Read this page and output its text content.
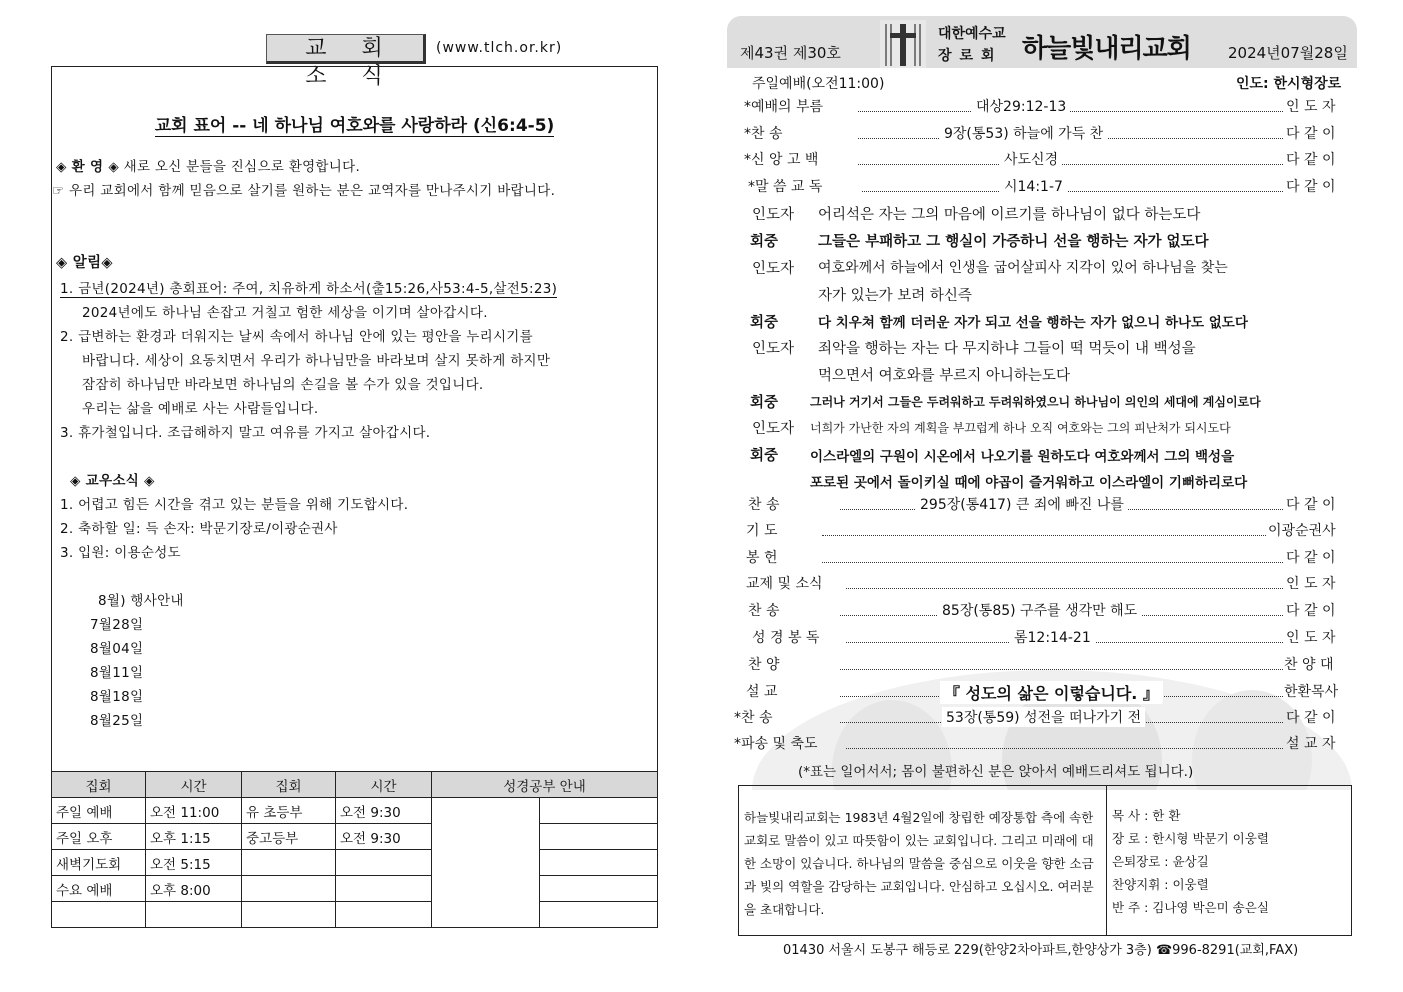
교 회 소 식
(www.tlch.or.kr)
교회 표어 -- 네 하나님 여호와를 사랑하라 (신6:4-5)
◈ 환 영 ◈ 새로 오신 분들을 진심으로 환영합니다.
☞ 우리 교회에서 함께 믿음으로 살기를 원하는 분은 교역자를 만나주시기 바랍니다.
◈ 알림◈
1. 금년(2024년) 총회표어: 주여, 치유하게 하소서(출15:26,사53:4-5,살전5:23)
2024년에도 하나님 손잡고 거칠고 험한 세상을 이기며 살아갑시다.
2. 급변하는 환경과 더워지는 날씨 속에서 하나님 안에 있는 평안을 누리시기를
바랍니다. 세상이 요동치면서 우리가 하나님만을 바라보며 살지 못하게 하지만
잠잠히 하나님만 바라보면 하나님의 손길을 볼 수가 있을 것입니다.
우리는 삶을 예배로 사는 사람들입니다.
3. 휴가철입니다. 조급해하지 말고 여유를 가지고 살아갑시다.
◈ 교우소식 ◈
1. 어렵고 힘든 시간을 겪고 있는 분들을 위해 기도합시다.
2. 축하할 일: 득 손자: 박문기장로/이광순권사
3. 입원: 이용순성도
8월) 행사안내
7월28일
8월04일
8월11일
8월18일
8월25일
집회	시간	집회	시간	성경공부 안내	
주일 예배	오전 11:00	유 초등부	오전 9:30		
주일 오후	오후 1:15	중고등부	오전 9:30		
새벽기도회	오전 5:15				
수요 예배	오후 8:00				

제43권 제30호
대한예수교
장로회 하늘빛내리교회 2024년07월28일
주일예배(오전11:00)	인도: 한시형장로
*예배의 부름	대상29:12-13	인 도 자
*찬 송	9장(통53) 하늘에 가득 찬	다 같 이
*신 앙 고 백	사도신경	다 같 이
*말 씀 교 독	시14:1-7	다 같 이
인도자 어리석은 자는 그의 마음에 이르기를 하나님이 없다 하는도다
회중	그들은 부패하고 그 행실이 가증하니 선을 행하는 자가 없도다
인도자 여호와께서 하늘에서 인생을 굽어살피사 지각이 있어 하나님을 찾는
자가 있는가 보려 하신즉
회중	다 치우쳐 함께 더러운 자가 되고 선을 행하는 자가 없으니 하나도 없도다
인도자 죄악을 행하는 자는 다 무지하냐 그들이 떡 먹듯이 내 백성을
먹으면서 여호와를 부르지 아니하는도다
회중	그러나 거기서 그들은 두려워하고 두려워하였으니 하나님이 의인의 세대에 계심이로다
인도자 너희가 가난한 자의 계획을 부끄럽게 하나 오직 여호와는 그의 피난처가 되시도다
회중 이스라엘의 구원이 시온에서 나오기를 원하도다 여호와께서 그의 백성을
포로된 곳에서 돌이키실 때에 야곱이 즐거워하고 이스라엘이 기뻐하리로다
찬 송	295장(통417) 큰 죄에 빠진 나를	다 같 이
기 도	이광순권사
봉 헌	다 같 이
교제 및 소식	인 도 자
찬 송	85장(통85) 구주를 생각만 해도	다 같 이
성 경 봉 독	롬12:14-21	인 도 자
찬 양	찬 양 대
설 교	『 성도의 삶은 이렇습니다. 』	한환목사
*찬 송	53장(통59) 성전을 떠나가기 전	다 같 이
*파송 및 축도	설 교 자
(*표는 일어서서; 몸이 불편하신 분은 앉아서 예배드리셔도 됩니다.)
하늘빛내리교회는 1983년 4월2일에 창립한 예장통합 측에 속한 교회로 말씀이 있고 따뜻함이 있는 교회입니다. 그리고 미래에 대한 소망이 있습니다. 하나님의 말씀을 중심으로 이웃을 향한 소금과 빛의 역할을 감당하는 교회입니다. 안심하고 오십시오. 여러분을 초대합니다.
목 사 : 한 환
장 로 : 한시형 박문기 이웅렬
은퇴장로 : 윤상길
찬양지휘 : 이웅렬
반 주 : 김나영 박은미 송은실
01430 서울시 도봉구 해등로 229(한양2차아파트,한양상가 3층) ☎996-8291(교회,FAX)
